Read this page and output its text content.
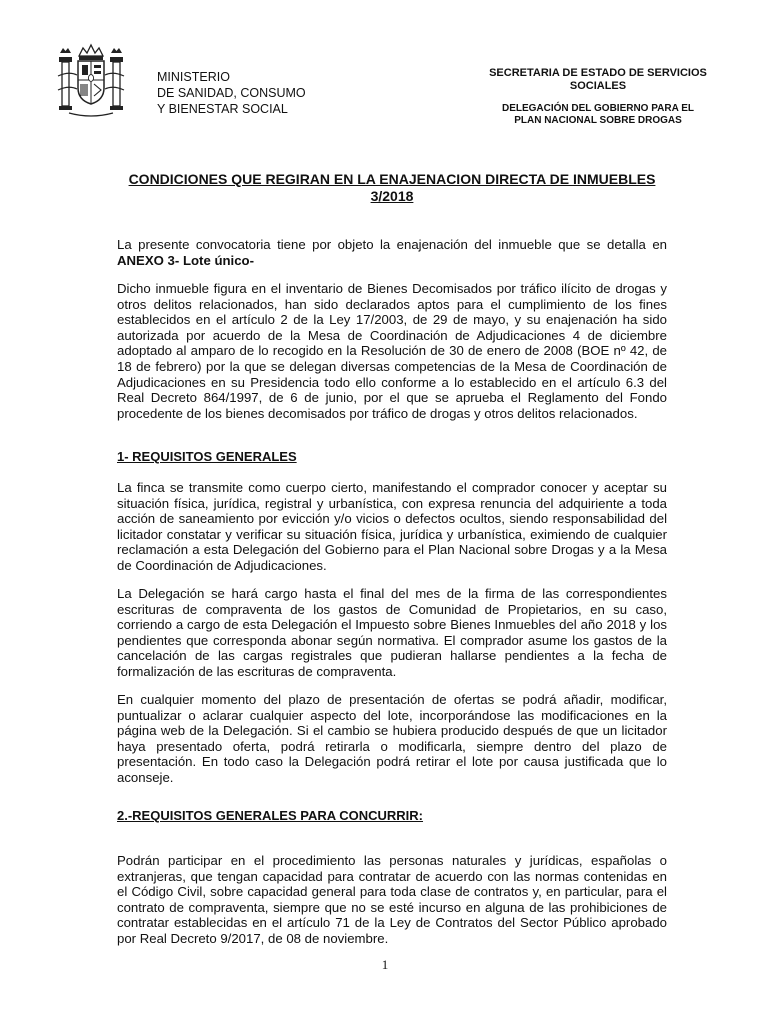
MINISTERIO
DE SANIDAD, CONSUMO
Y BIENESTAR SOCIAL
SECRETARIA DE ESTADO DE SERVICIOS
SOCIALES
DELEGACIÓN DEL GOBIERNO PARA EL
PLAN NACIONAL SOBRE DROGAS
CONDICIONES QUE REGIRAN EN LA ENAJENACION DIRECTA DE INMUEBLES 3/2018

La presente convocatoria tiene por objeto la enajenación del inmueble que se detalla en ANEXO 3- Lote único-

Dicho inmueble figura en el inventario de Bienes Decomisados por tráfico ilícito de drogas y otros delitos relacionados, han sido declarados aptos para el cumplimiento de los fines establecidos en el artículo 2 de la Ley 17/2003, de 29 de mayo, y su enajenación ha sido autorizada por acuerdo de la Mesa de Coordinación de Adjudicaciones 4 de diciembre adoptado al amparo de lo recogido en la Resolución de 30 de enero de 2008 (BOE nº 42, de 18 de febrero) por la que se delegan diversas competencias de la Mesa de Coordinación de Adjudicaciones en su Presidencia todo ello conforme a lo establecido en el artículo 6.3 del Real Decreto 864/1997, de 6 de junio, por el que se aprueba el Reglamento del Fondo procedente de los bienes decomisados por tráfico de drogas y otros delitos relacionados.

1- REQUISITOS GENERALES

La finca se transmite como cuerpo cierto, manifestando el comprador conocer y aceptar su situación física, jurídica, registral y urbanística, con expresa renuncia del adquiriente a toda acción de saneamiento por evicción y/o vicios o defectos ocultos, siendo responsabilidad del licitador constatar y verificar su situación física, jurídica y urbanística, eximiendo de cualquier reclamación a esta Delegación del Gobierno para el Plan Nacional sobre Drogas y a la Mesa de Coordinación de Adjudicaciones.

La Delegación se hará cargo hasta el final del mes de la firma de las correspondientes escrituras de compraventa de los gastos de Comunidad de Propietarios, en su caso, corriendo a cargo de esta Delegación el Impuesto sobre Bienes Inmuebles del año 2018 y los pendientes que corresponda abonar según normativa. El comprador asume los gastos de la cancelación de las cargas registrales que pudieran hallarse pendientes a la fecha de formalización de las escrituras de compraventa.

En cualquier momento del plazo de presentación de ofertas se podrá añadir, modificar, puntualizar o aclarar cualquier aspecto del lote, incorporándose las modificaciones en la página web de la Delegación. Si el cambio se hubiera producido después de que un licitador haya presentado oferta, podrá retirarla o modificarla, siempre dentro del plazo de presentación. En todo caso la Delegación podrá retirar el lote por causa justificada que lo aconseje.

2.-REQUISITOS GENERALES PARA CONCURRIR:

Podrán participar en el procedimiento las personas naturales y jurídicas, españolas o extranjeras, que tengan capacidad para contratar de acuerdo con las normas contenidas en el Código Civil, sobre capacidad general para toda clase de contratos y, en particular, para el contrato de compraventa, siempre que no se esté incurso en alguna de las prohibiciones de contratar establecidas en el artículo 71 de la Ley de Contratos del Sector Público aprobado por Real Decreto 9/2017, de 08 de noviembre.

1
